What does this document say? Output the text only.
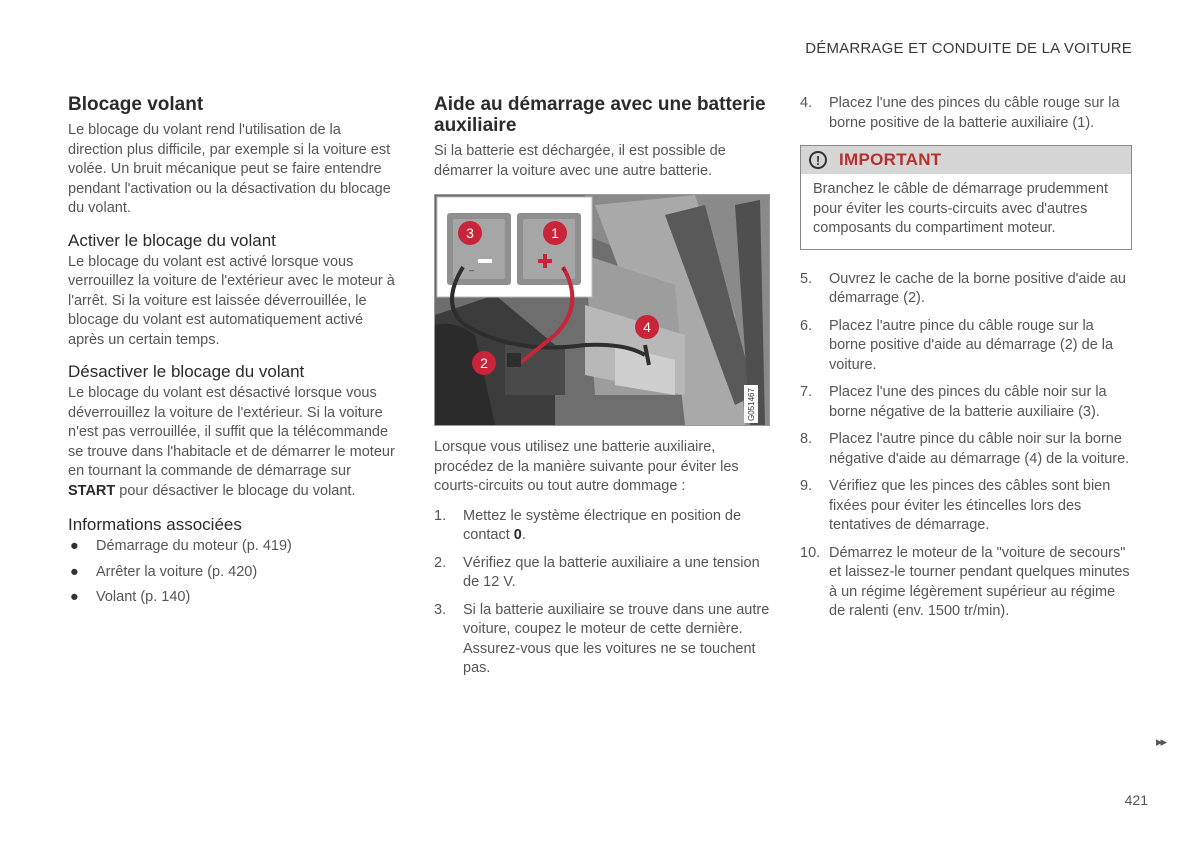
DÉMARRAGE ET CONDUITE DE LA VOITURE
Blocage volant

Le blocage du volant rend l'utilisation de la direction plus difficile, par exemple si la voiture est volée. Un bruit mécanique peut se faire entendre pendant l'activation ou la désactivation du blocage du volant.

Activer le blocage du volant

Le blocage du volant est activé lorsque vous verrouillez la voiture de l'extérieur avec le moteur à l'arrêt. Si la voiture est laissée déverrouillée, le blocage du volant est automatiquement activé après un certain temps.

Désactiver le blocage du volant

Le blocage du volant est désactivé lorsque vous déverrouillez la voiture de l'extérieur. Si la voiture n'est pas verrouillée, il suffit que la télécommande se trouve dans l'habitacle et de démarrer le moteur en tournant la commande de démarrage sur START pour désactiver le blocage du volant.

Informations associées
● Démarrage du moteur (p. 419)
● Arrêter la voiture (p. 420)
● Volant (p. 140)
Aide au démarrage avec une batterie auxiliaire

Si la batterie est déchargée, il est possible de démarrer la voiture avec une autre batterie.

1
3
4
2
–	+
G051467

Lorsque vous utilisez une batterie auxiliaire, procédez de la manière suivante pour éviter les courts-circuits ou tout autre dommage :

1. Mettez le système électrique en position de contact 0.
2. Vérifiez que la batterie auxiliaire a une tension de 12 V.
3. Si la batterie auxiliaire se trouve dans une autre voiture, coupez le moteur de cette dernière. Assurez-vous que les voitures ne se touchent pas.
4. Placez l'une des pinces du câble rouge sur la borne positive de la batterie auxiliaire (1).
!	IMPORTANT
Branchez le câble de démarrage prudemment pour éviter les courts-circuits avec d'autres composants du compartiment moteur.
5. Ouvrez le cache de la borne positive d'aide au démarrage (2).
6. Placez l'autre pince du câble rouge sur la borne positive d'aide au démarrage (2) de la voiture.
7. Placez l'une des pinces du câble noir sur la borne négative de la batterie auxiliaire (3).
8. Placez l'autre pince du câble noir sur la borne négative d'aide au démarrage (4) de la voiture.
9. Vérifiez que les pinces des câbles sont bien fixées pour éviter les étincelles lors des tentatives de démarrage.
10. Démarrez le moteur de la "voiture de secours" et laissez-le tourner pendant quelques minutes à un régime légèrement supérieur au régime de ralenti (env. 1500 tr/min).
▸▸
421
